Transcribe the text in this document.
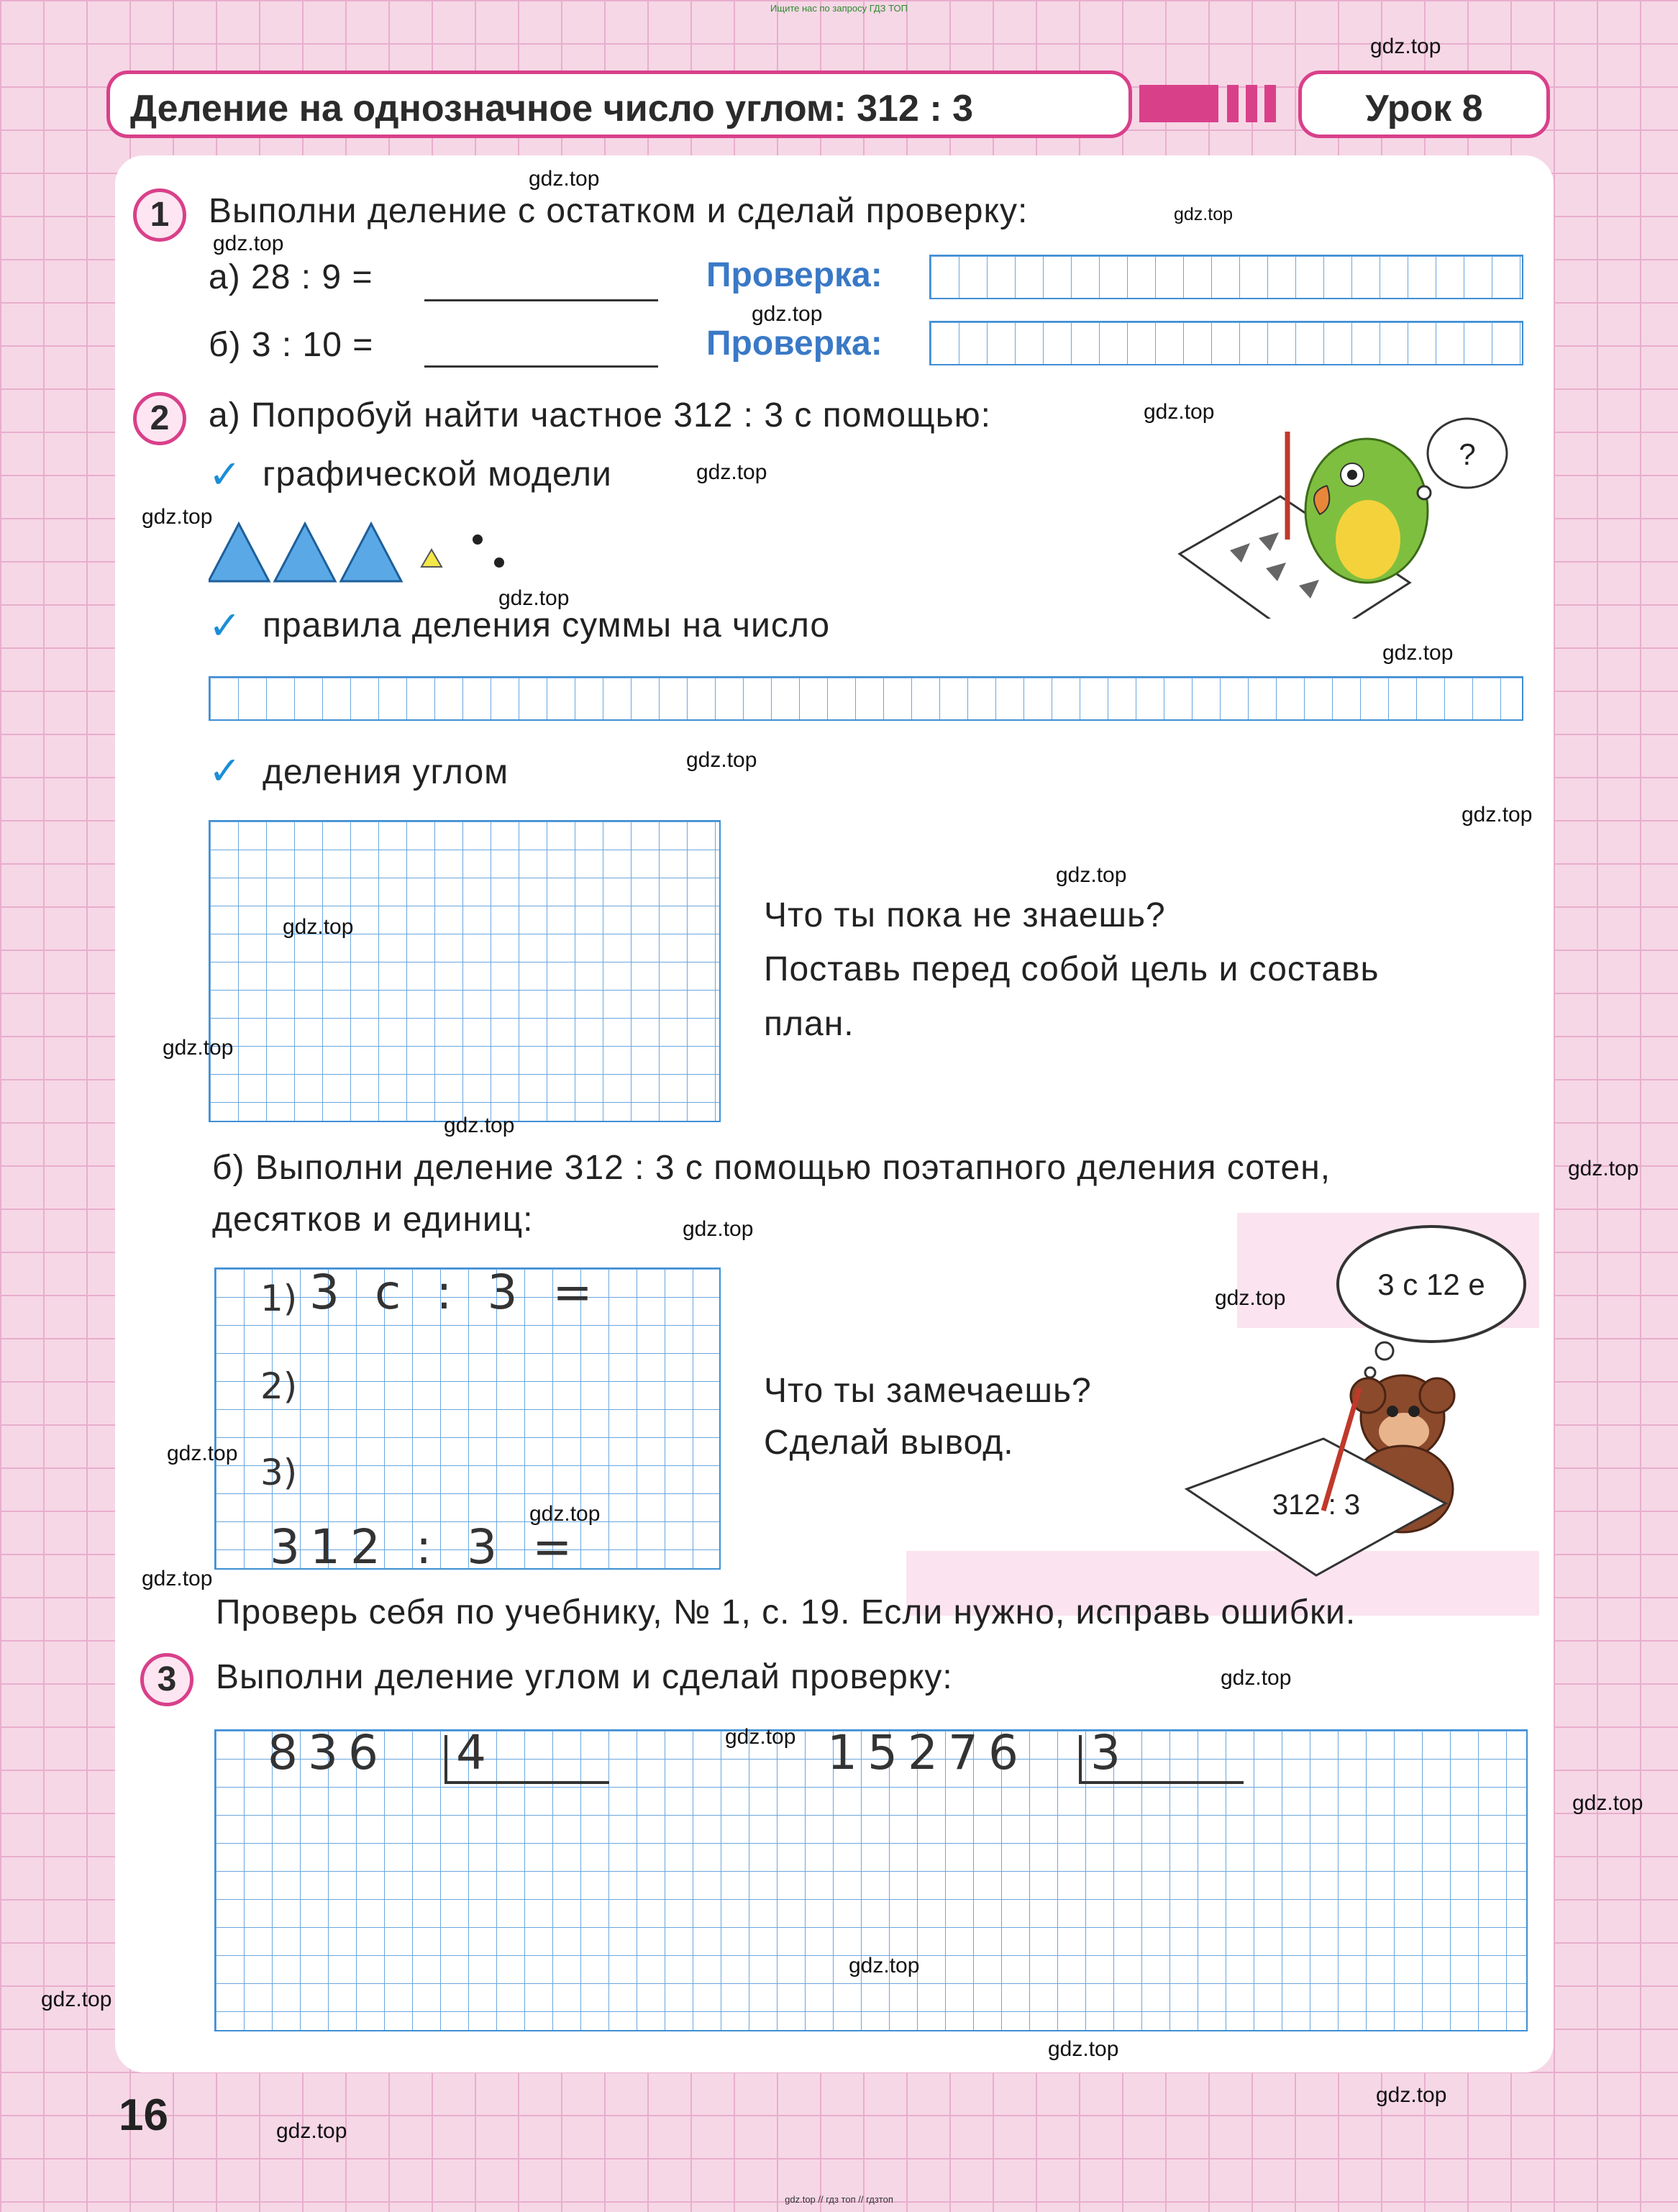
Ищите нас по запросу ГДЗ ТОП
Деление на однозначное число углом: 312 : 3	Урок 8
1	Выполни деление с остатком и сделай проверку:
а) 28 : 9 =	Проверка:
б) 3 : 10 =	Проверка:
2	а) Попробуй найти частное 312 : 3 с помощью:
✓ графической модели
✓ правила деления суммы на число
✓ деления углом
?
Что ты пока не знаешь?
Поставь перед собой цель и составь
план.
б) Выполни деление 312 : 3 с помощью поэтапного деления сотен,
десятков и единиц:
1) 3 с : 3 =
2)
3)
312 : 3 =
3 с 12 е
312 : 3
Что ты замечаешь?
Сделай вывод.
Проверь себя по учебнику, № 1, с. 19. Если нужно, исправь ошибки.
3	Выполни деление углом и сделай проверку:
836 4	15276 3
16
gdz.top
gdz.top
gdz.top
gdz.top
gdz.top
gdz.top
gdz.top
gdz.top
gdz.top
gdz.top
gdz.top
gdz.top
gdz.top
gdz.top
gdz.top
gdz.top
gdz.top
gdz.top
gdz.top
gdz.top
gdz.top
gdz.top
gdz.top
gdz.top
gdz.top
gdz.top
gdz.top
gdz.top
gdz.top
gdz.top
gdz.top // гдз топ // гдзтоп
